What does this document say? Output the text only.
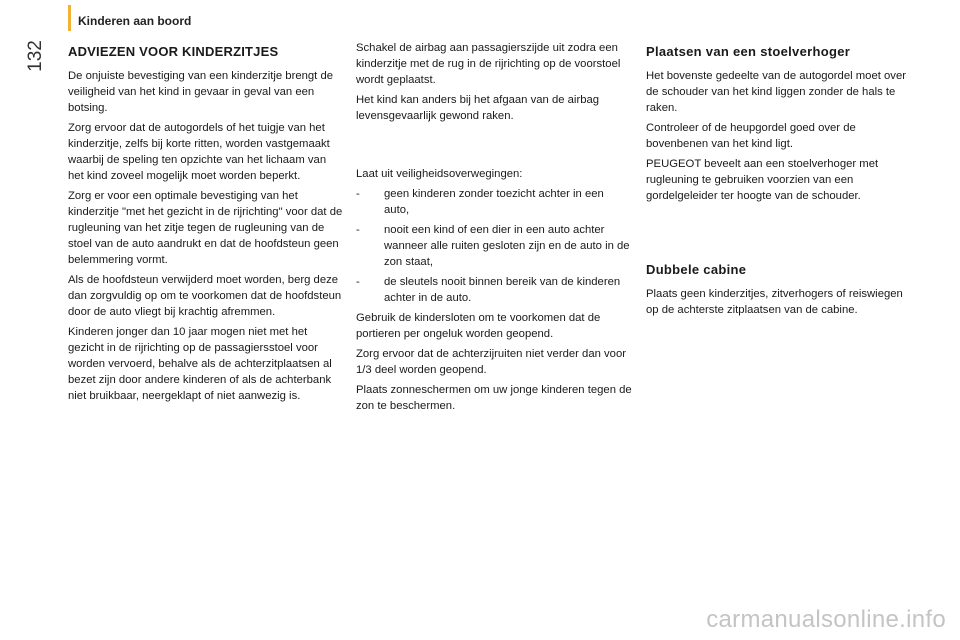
Kinderen aan boord
132 ADVIEZEN VOOR KINDERZITJES

De onjuiste bevestiging van een kinderzitje brengt de veiligheid van het kind in gevaar in geval van een botsing.

Zorg ervoor dat de autogordels of het tuigje van het kinderzitje, zelfs bij korte ritten, worden vastgemaakt waarbij de speling ten opzichte van het lichaam van het kind zoveel mogelijk moet worden beperkt.

Zorg er voor een optimale bevestiging van het kinderzitje "met het gezicht in de rijrichting" voor dat de rugleuning van het zitje tegen de rugleuning van de stoel van de auto aandrukt en dat de hoofdsteun geen belemmering vormt.

Als de hoofdsteun verwijderd moet worden, berg deze dan zorgvuldig op om te voorkomen dat de hoofdsteun door de auto vliegt bij krachtig afremmen.

Kinderen jonger dan 10 jaar mogen niet met het gezicht in de rijrichting op de passagiersstoel voor worden vervoerd, behalve als de achterzitplaatsen al bezet zijn door andere kinderen of als de achterbank niet bruikbaar, neergeklapt of niet aanwezig is.

Schakel de airbag aan passagierszijde uit zodra een kinderzitje met de rug in de rijrichting op de voorstoel wordt geplaatst.

Het kind kan anders bij het afgaan van de airbag levensgevaarlijk gewond raken.

Laat uit veiligheidsoverwegingen:

- geen kinderen zonder toezicht achter in een auto,
- nooit een kind of een dier in een auto achter wanneer alle ruiten gesloten zijn en de auto in de zon staat,
- de sleutels nooit binnen bereik van de kinderen achter in de auto.

Gebruik de kindersloten om te voorkomen dat de portieren per ongeluk worden geopend.

Zorg ervoor dat de achterzijruiten niet verder dan voor 1/3 deel worden geopend.

Plaats zonneschermen om uw jonge kinderen tegen de zon te beschermen.

Plaatsen van een stoelverhoger

Het bovenste gedeelte van de autogordel moet over de schouder van het kind liggen zonder de hals te raken.

Controleer of de heupgordel goed over de bovenbenen van het kind ligt.

PEUGEOT beveelt aan een stoelverhoger met rugleuning te gebruiken voorzien van een gordelgeleider ter hoogte van de schouder.

Dubbele cabine

Plaats geen kinderzitjes, zitverhogers of reiswiegen op de achterste zitplaatsen van de cabine.

carmanualsonline.info
